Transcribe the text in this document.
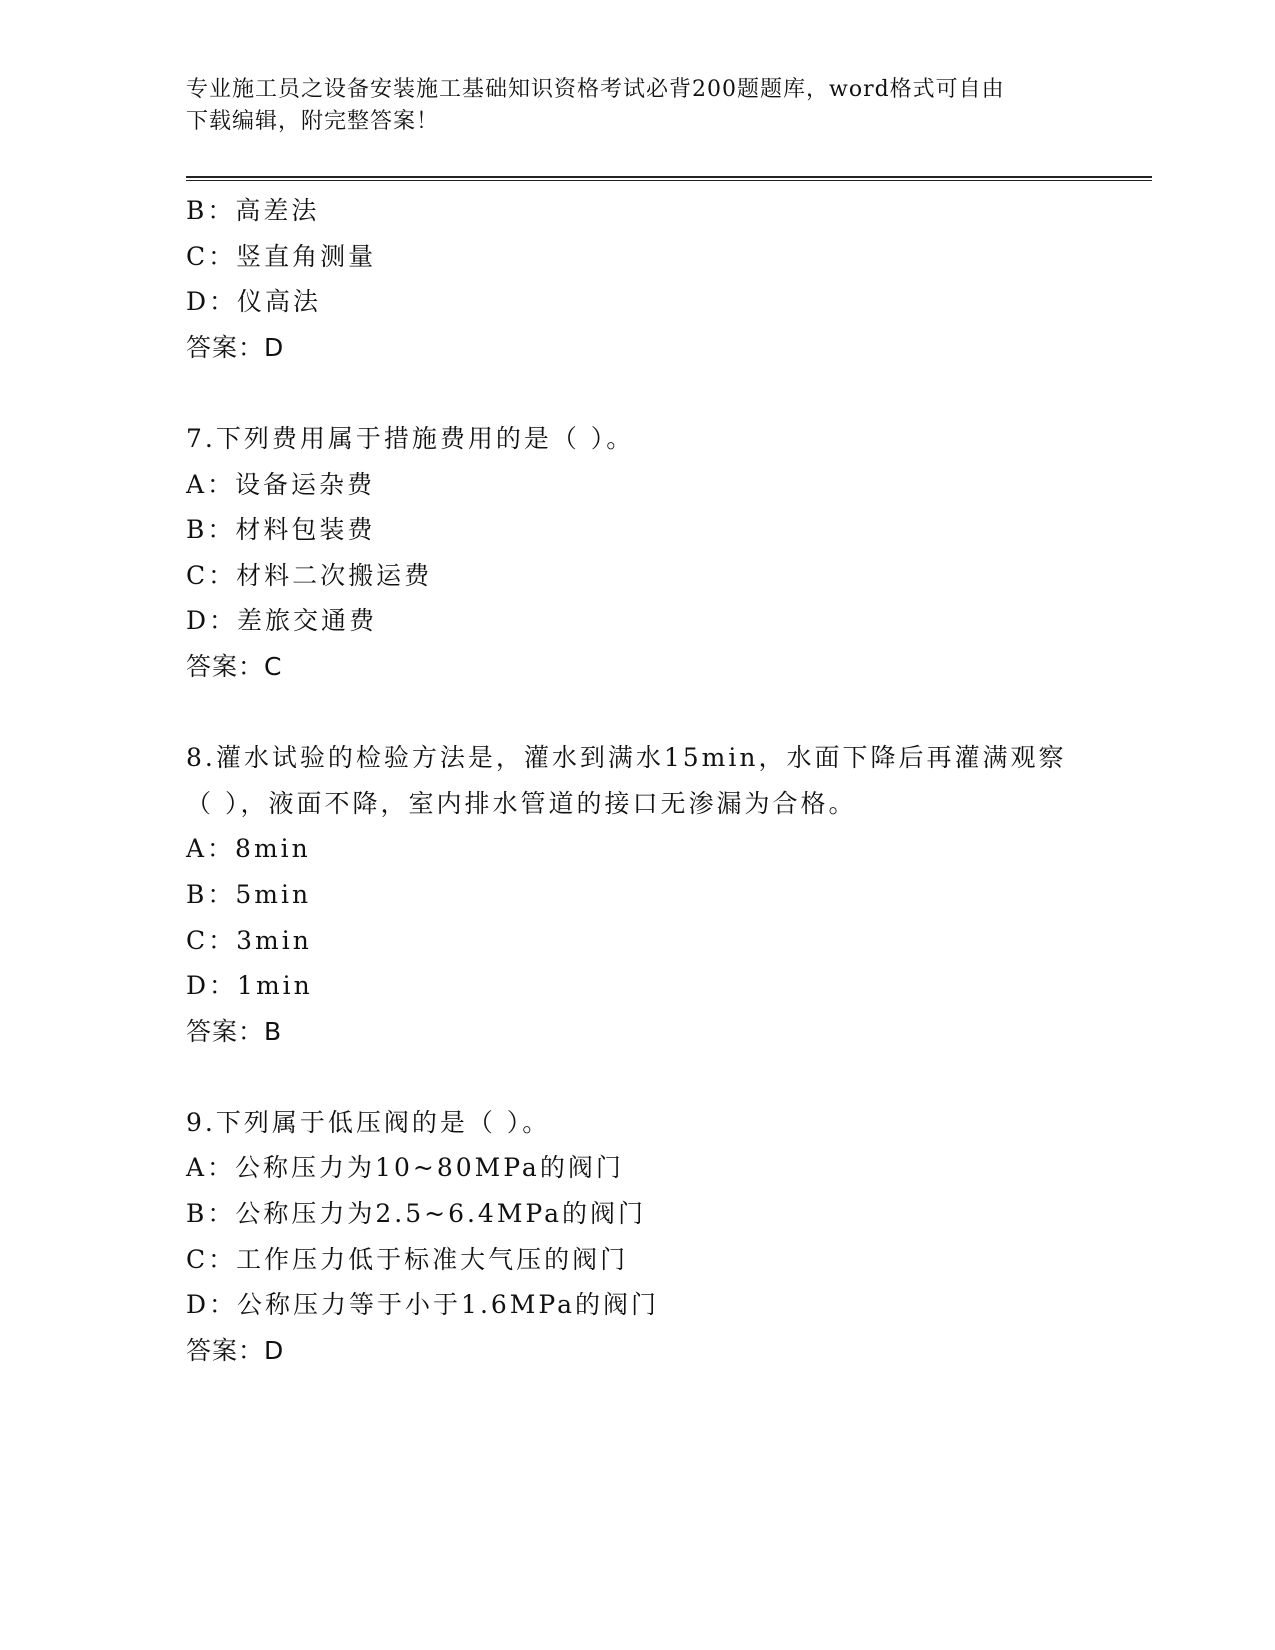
专业施工员之设备安装施工基础知识资格考试必背200题题库，word格式可自由
下载编辑，附完整答案！
B：高差法
C：竖直角测量
D：仪高法
答案：D
7.下列费用属于措施费用的是（ ）。
A：设备运杂费
B：材料包装费
C：材料二次搬运费
D：差旅交通费
答案：C
8.灌水试验的检验方法是，灌水到满水15min，水面下降后再灌满观察
（ ），液面不降，室内排水管道的接口无渗漏为合格。
A：8min
B：5min
C：3min
D：1min
答案：B
9.下列属于低压阀的是（ ）。
A：公称压力为10~80MPa的阀门
B：公称压力为2.5~6.4MPa的阀门
C：工作压力低于标准大气压的阀门
D：公称压力等于小于1.6MPa的阀门
答案：D
